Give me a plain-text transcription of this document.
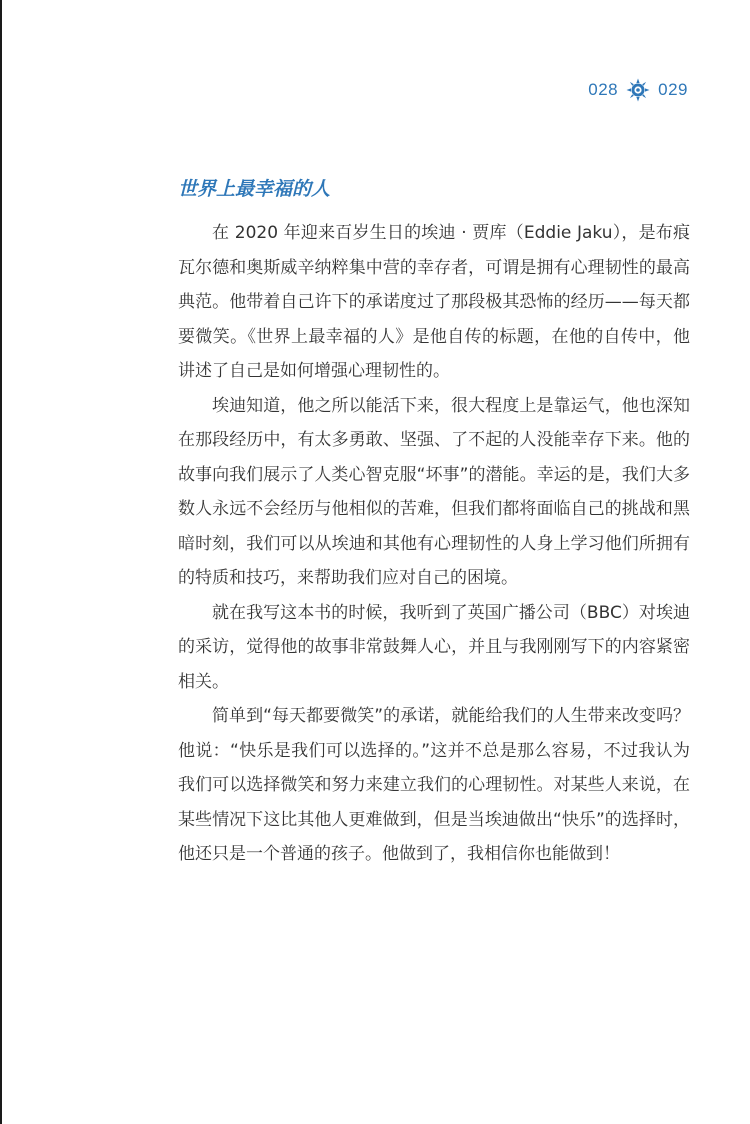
028 029
世界上最幸福的人

在 2020 年迎来百岁生日的埃迪 · 贾库（Eddie Jaku），是布痕瓦尔德和奥斯威辛纳粹集中营的幸存者，可谓是拥有心理韧性的最高典范。他带着自己许下的承诺度过了那段极其恐怖的经历——每天都要微笑。《世界上最幸福的人》是他自传的标题，在他的自传中，他讲述了自己是如何增强心理韧性的。

埃迪知道，他之所以能活下来，很大程度上是靠运气，他也深知在那段经历中，有太多勇敢、坚强、了不起的人没能幸存下来。他的故事向我们展示了人类心智克服“坏事”的潜能。幸运的是，我们大多数人永远不会经历与他相似的苦难，但我们都将面临自己的挑战和黑暗时刻，我们可以从埃迪和其他有心理韧性的人身上学习他们所拥有的特质和技巧，来帮助我们应对自己的困境。

就在我写这本书的时候，我听到了英国广播公司（BBC）对埃迪的采访，觉得他的故事非常鼓舞人心，并且与我刚刚写下的内容紧密相关。

简单到“每天都要微笑”的承诺，就能给我们的人生带来改变吗？他说：“快乐是我们可以选择的。”这并不总是那么容易，不过我认为我们可以选择微笑和努力来建立我们的心理韧性。对某些人来说，在某些情况下这比其他人更难做到，但是当埃迪做出“快乐”的选择时，他还只是一个普通的孩子。他做到了，我相信你也能做到！
